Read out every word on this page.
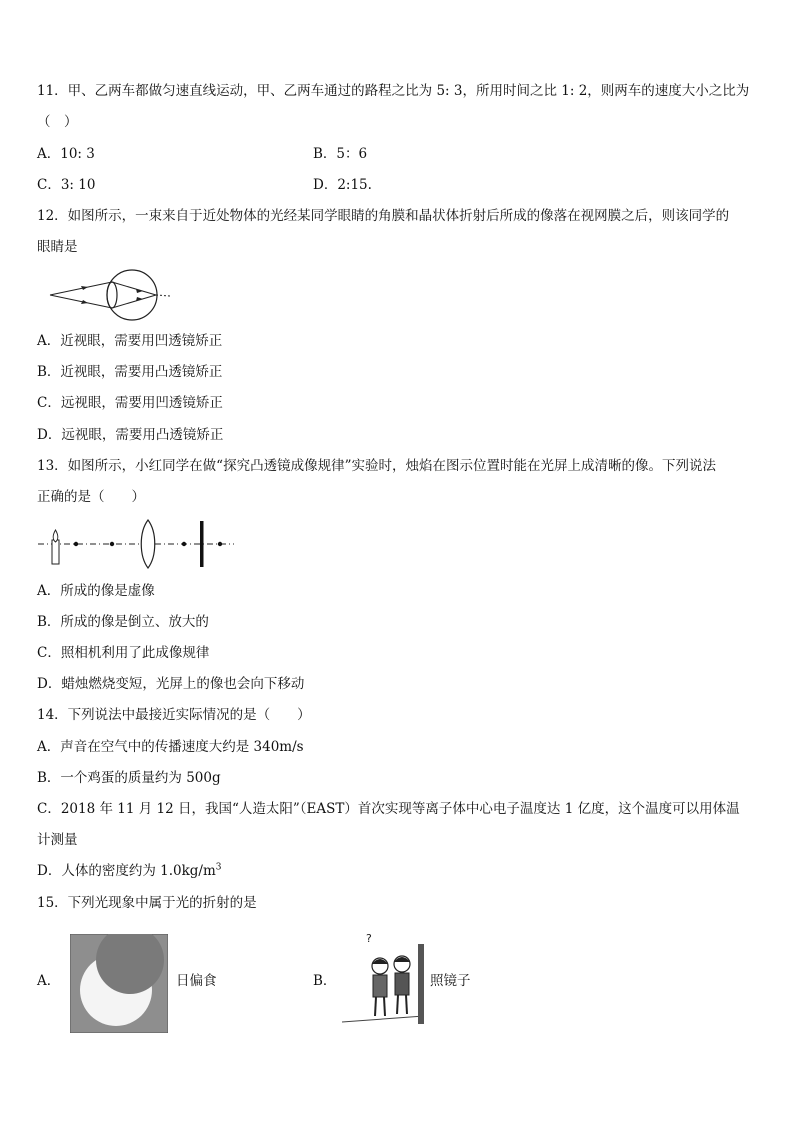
11．甲、乙两车都做匀速直线运动，甲、乙两车通过的路程之比为 5: 3，所用时间之比 1: 2，则两车的速度大小之比为
（　）
A．10: 3	B．5：6
C．3: 10	D．2:15.
12．如图所示，一束来自于近处物体的光经某同学眼睛的角膜和晶状体折射后所成的像落在视网膜之后，则该同学的
眼睛是
A．近视眼，需要用凹透镜矫正
B．近视眼，需要用凸透镜矫正
C．远视眼，需要用凹透镜矫正
D．远视眼，需要用凸透镜矫正
13．如图所示，小红同学在做“探究凸透镜成像规律”实验时，烛焰在图示位置时能在光屏上成清晰的像。下列说法
正确的是（　　）
A．所成的像是虚像
B．所成的像是倒立、放大的
C．照相机利用了此成像规律
D．蜡烛燃烧变短，光屏上的像也会向下移动
14．下列说法中最接近实际情况的是（　　）
A．声音在空气中的传播速度大约是 340m/s
B．一个鸡蛋的质量约为 500g
C．2018 年 11 月 12 日，我国“人造太阳”（EAST）首次实现等离子体中心电子温度达 1 亿度，这个温度可以用体温
计测量
D．人体的密度约为 $1.0kg/m^3$
15．下列光现象中属于光的折射的是
A．	日偏食	B．
?
照镜子
